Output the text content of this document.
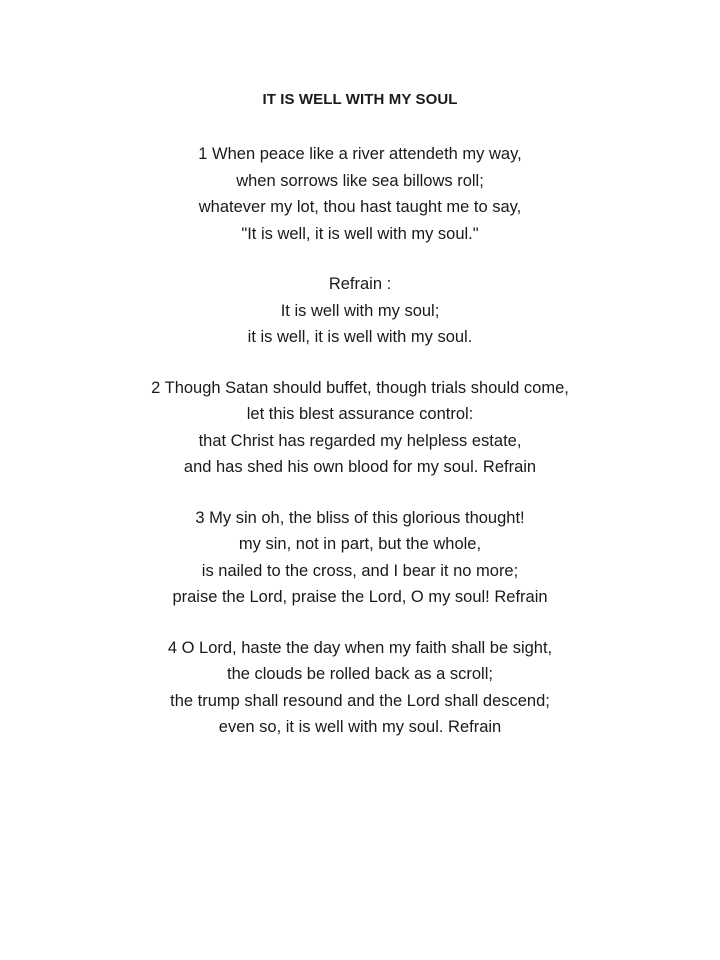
IT IS WELL WITH MY SOUL
1 When peace like a river attendeth my way,
when sorrows like sea billows roll;
whatever my lot, thou hast taught me to say,
"It is well, it is well with my soul."
Refrain :
It is well with my soul;
it is well, it is well with my soul.
2 Though Satan should buffet, though trials should come,
let this blest assurance control:
that Christ has regarded my helpless estate,
and has shed his own blood for my soul. Refrain
3 My sin oh, the bliss of this glorious thought!
my sin, not in part, but the whole,
is nailed to the cross, and I bear it no more;
praise the Lord, praise the Lord, O my soul! Refrain
4 O Lord, haste the day when my faith shall be sight,
the clouds be rolled back as a scroll;
the trump shall resound and the Lord shall descend;
even so, it is well with my soul. Refrain
